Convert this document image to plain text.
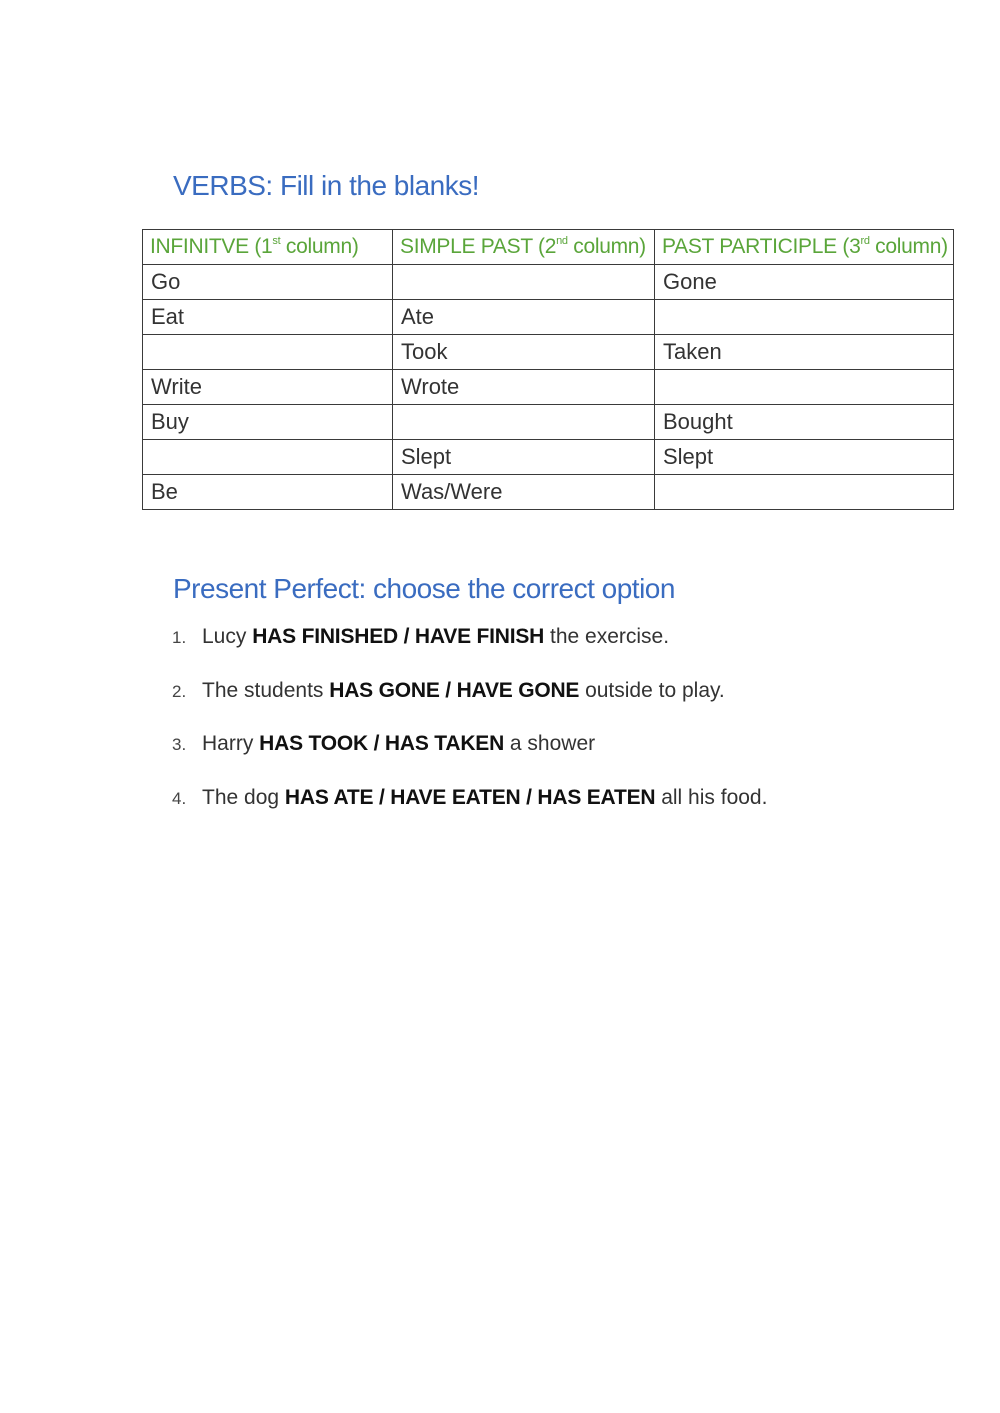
VERBS: Fill in the blanks!
INFINITVE (1st column)	SIMPLE PAST (2nd column)	PAST PARTICIPLE (3rd column)
Go		Gone
Eat	Ate	
	Took	Taken
Write	Wrote	
Buy		Bought
	Slept	Slept
Be	Was/Were	
Present Perfect: choose the correct option
1. Lucy HAS FINISHED / HAVE FINISH the exercise.
2. The students HAS GONE / HAVE GONE outside to play.
3. Harry HAS TOOK / HAS TAKEN a shower
4. The dog HAS ATE / HAVE EATEN / HAS EATEN all his food.
